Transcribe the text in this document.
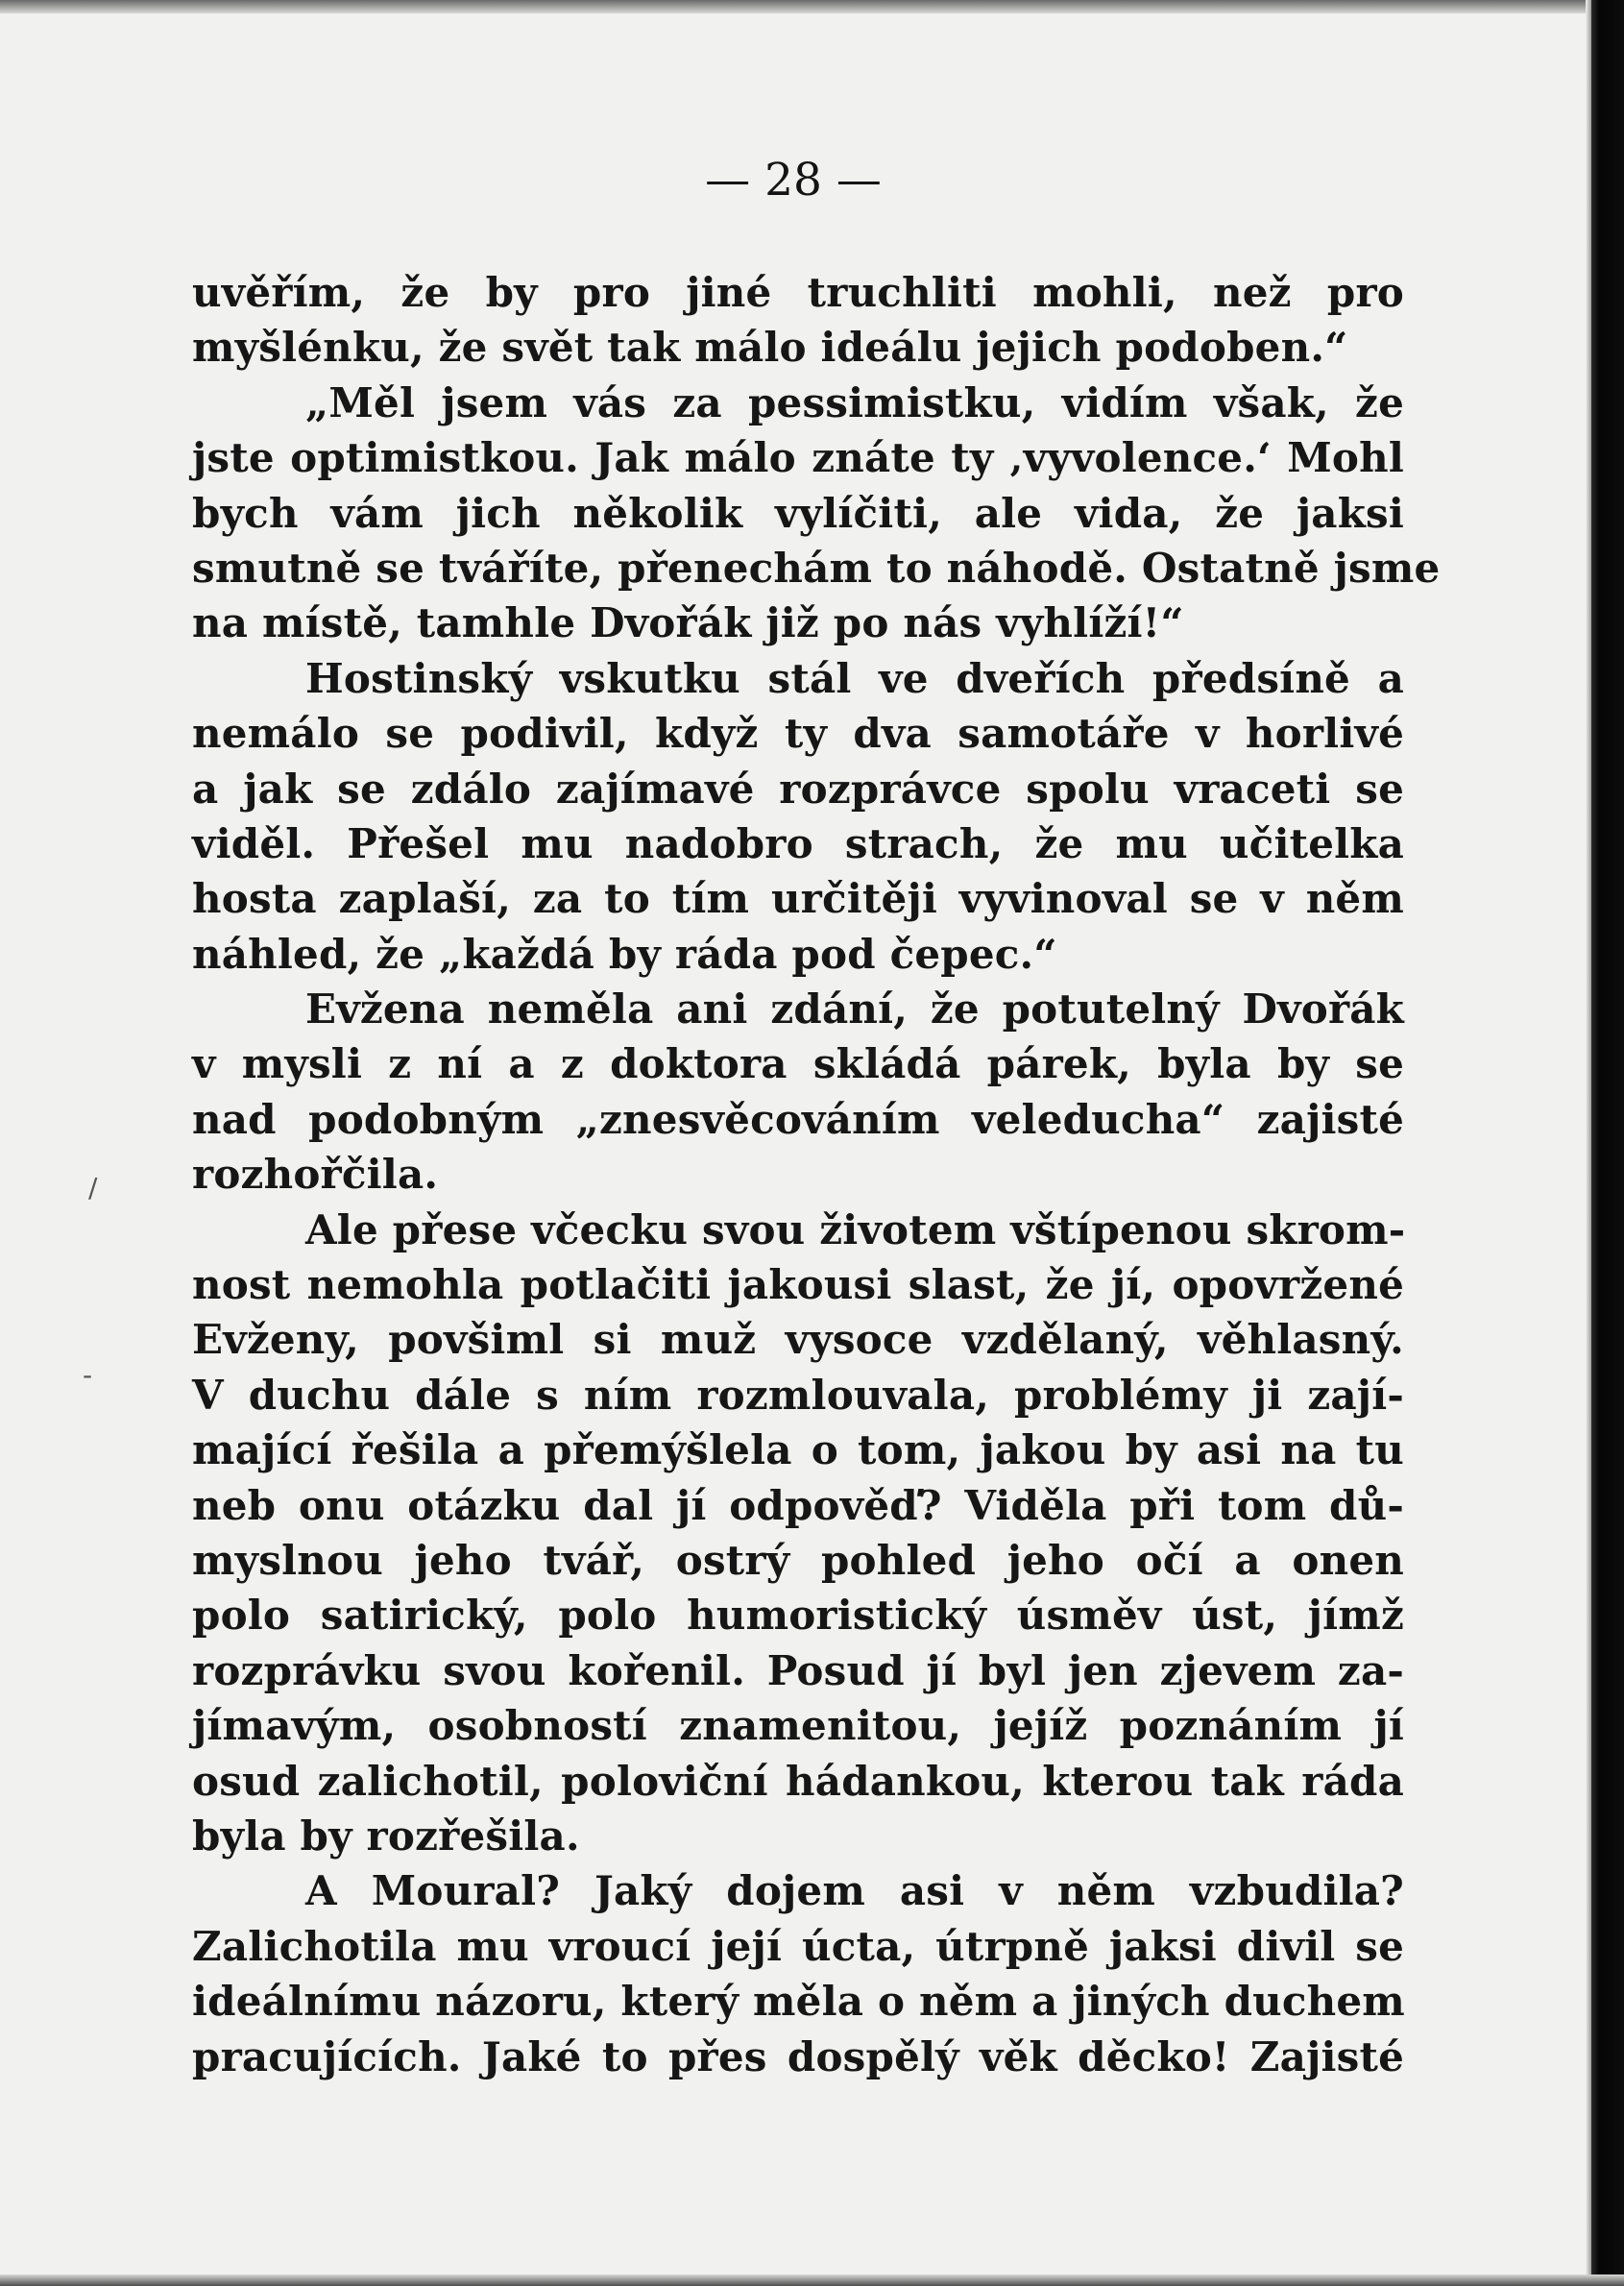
/
-

— 28 —

uvěřím, že by pro jiné truchliti mohli, než pro
myšlénku, že svět tak málo ideálu jejich podoben.“
„Měl jsem vás za pessimistku, vidím však, že
jste optimistkou. Jak málo znáte ty ‚vyvolence.‘ Mohl
bych vám jich několik vylíčiti, ale vida, že jaksi
smutně se tváříte, přenechám to náhodě. Ostatně jsme
na místě, tamhle Dvořák již po nás vyhlíží!“
Hostinský vskutku stál ve dveřích předsíně a
nemálo se podivil, když ty dva samotáře v horlivé
a jak se zdálo zajímavé rozprávce spolu vraceti se
viděl. Přešel mu nadobro strach, že mu učitelka
hosta zaplaší, za to tím určitěji vyvinoval se v něm
náhled, že „každá by ráda pod čepec.“
Evžena neměla ani zdání, že potutelný Dvořák
v mysli z ní a z doktora skládá párek, byla by se
nad podobným „znesvěcováním veleducha“ zajisté
rozhořčila.
Ale přese včecku svou životem vštípenou skrom-
nost nemohla potlačiti jakousi slast, že jí, opovržené
Evženy, povšiml si muž vysoce vzdělaný, věhlasný.
V duchu dále s ním rozmlouvala, problémy ji zají-
mající řešila a přemýšlela o tom, jakou by asi na tu
neb onu otázku dal jí odpověď? Viděla při tom dů-
myslnou jeho tvář, ostrý pohled jeho očí a onen
polo satirický, polo humoristický úsměv úst, jímž
rozprávku svou kořenil. Posud jí byl jen zjevem za-
jímavým, osobností znamenitou, jejíž poznáním jí
osud zalichotil, poloviční hádankou, kterou tak ráda
byla by rozřešila.
A Moural? Jaký dojem asi v něm vzbudila?
Zalichotila mu vroucí její úcta, útrpně jaksi divil se
ideálnímu názoru, který měla o něm a jiných duchem
pracujících. Jaké to přes dospělý věk děcko! Zajisté
